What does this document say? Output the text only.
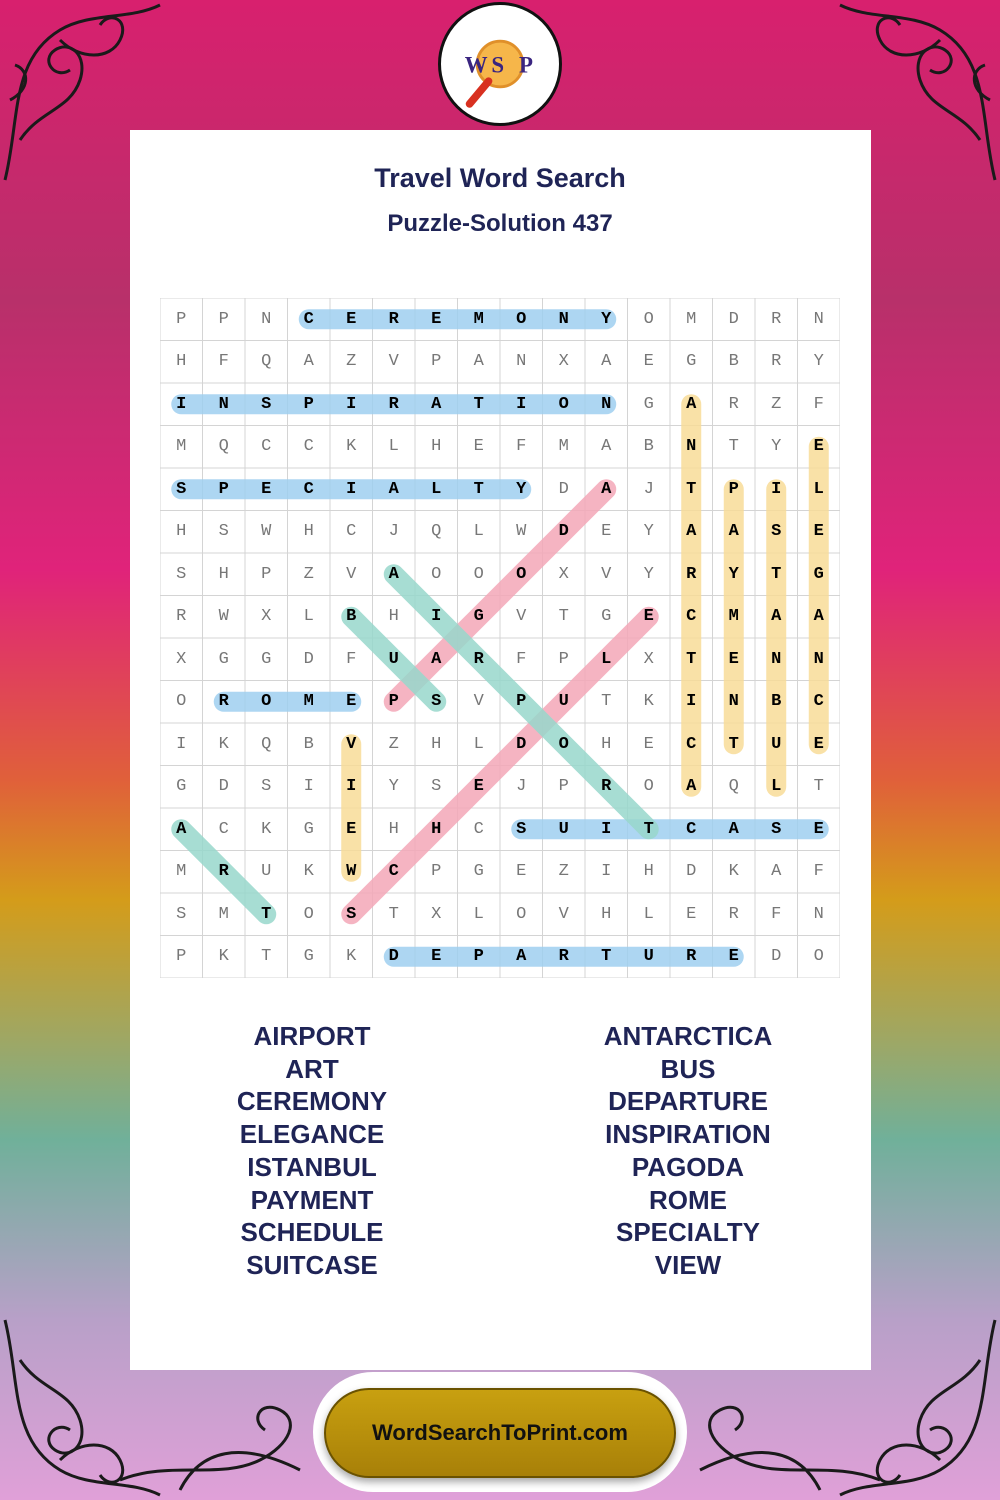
W S P
Travel Word Search
Puzzle-Solution 437
P	P	N	C	E	R	E	M	O	N	Y	O	M	D	R	N
H	F	Q	A	Z	V	P	A	N	X	A	E	G	B	R	Y
I	N	S	P	I	R	A	T	I	O	N	G	A	R	Z	F
M	Q	C	C	K	L	H	E	F	M	A	B	N	T	Y	E
S	P	E	C	I	A	L	T	Y	D	A	J	T	P	I	L
H	S	W	H	C	J	Q	L	W	D	E	Y	A	A	S	E
S	H	P	Z	V	A	O	O	O	X	V	Y	R	Y	T	G
R	W	X	L	B	H	I	G	V	T	G	E	C	M	A	A
X	G	G	D	F	U	A	R	F	P	L	X	T	E	N	N
O	R	O	M	E	P	S	V	P	U	T	K	I	N	B	C
I	K	Q	B	V	Z	H	L	D	O	H	E	C	T	U	E
G	D	S	I	I	Y	S	E	J	P	R	O	A	Q	L	T
A	C	K	G	E	H	H	C	S	U	I	T	C	A	S	E
M	R	U	K	W	C	P	G	E	Z	I	H	D	K	A	F
S	M	T	O	S	T	X	L	O	V	H	L	E	R	F	N
P	K	T	G	K	D	E	P	A	R	T	U	R	E	D	O
AIRPORT
ART
CEREMONY
ELEGANCE
ISTANBUL
PAYMENT
SCHEDULE
SUITCASE
ANTARCTICA
BUS
DEPARTURE
INSPIRATION
PAGODA
ROME
SPECIALTY
VIEW
WordSearchToPrint.com
